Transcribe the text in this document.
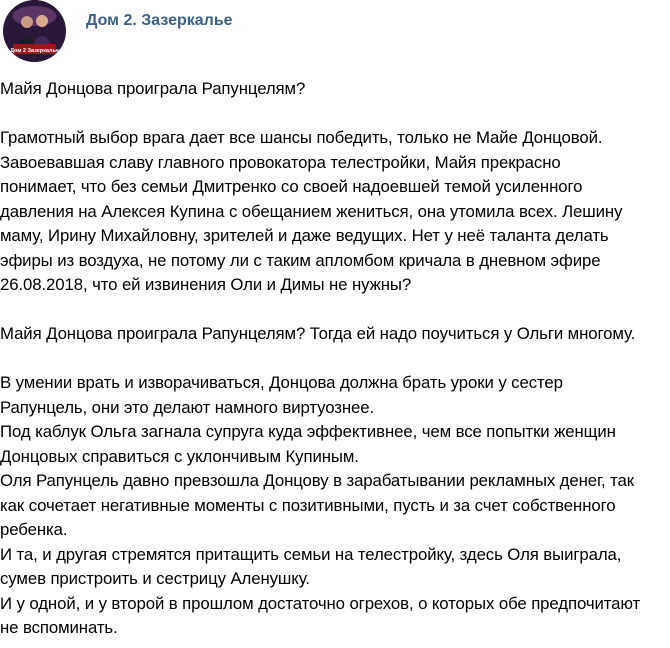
Дом 2 Зазеркалье
Дом 2. Зазеркалье

Майя Донцова проиграла Рапунцелям?

Грамотный выбор врага дает все шансы победить, только не Майе Донцовой.

Завоевавшая славу главного провокатора телестройки, Майя прекрасно

понимает, что без семьи Дмитренко со своей надоевшей темой усиленного

давления на Алексея Купина с обещанием жениться, она утомила всех. Лешину

маму, Ирину Михайловну, зрителей и даже ведущих. Нет у неё таланта делать

эфиры из воздуха, не потому ли с таким апломбом кричала в дневном эфире

26.08.2018, что ей извинения Оли и Димы не нужны?

Майя Донцова проиграла Рапунцелям? Тогда ей надо поучиться у Ольги многому.

В умении врать и изворачиваться, Донцова должна брать уроки у сестер

Рапунцель, они это делают намного виртуознее.

Под каблук Ольга загнала супруга куда эффективнее, чем все попытки женщин

Донцовых справиться с уклончивым Купиным.

Оля Рапунцель давно превзошла Донцову в зарабатывании рекламных денег, так

как сочетает негативные моменты с позитивными, пусть и за счет собственного

ребенка.

И та, и другая стремятся притащить семьи на телестройку, здесь Оля выиграла,

сумев пристроить и сестрицу Аленушку.

И у одной, и у второй в прошлом достаточно огрехов, о которых обе предпочитают

не вспоминать.
